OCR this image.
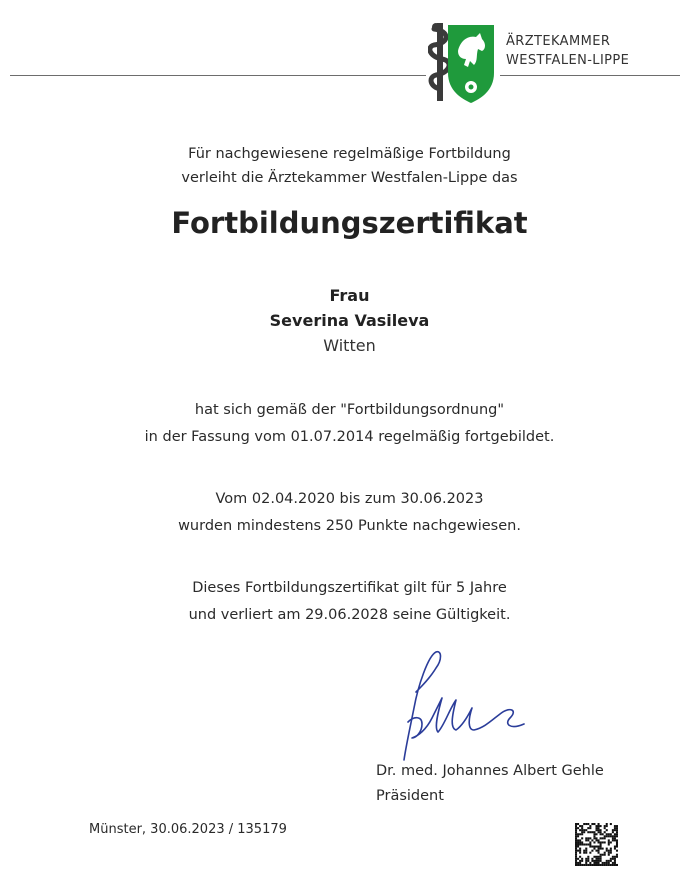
ÄRZTEKAMMER
WESTFALEN-LIPPE
Für nachgewiesene regelmäßige Fortbildung
verleiht die Ärztekammer Westfalen-Lippe das
Fortbildungszertifikat
Frau
Severina Vasileva
Witten
hat sich gemäß der "Fortbildungsordnung"
in der Fassung vom 01.07.2014 regelmäßig fortgebildet.
Vom 02.04.2020 bis zum 30.06.2023
wurden mindestens 250 Punkte nachgewiesen.
Dieses Fortbildungszertifikat gilt für 5 Jahre
und verliert am 29.06.2028 seine Gültigkeit.
Dr. med. Johannes Albert Gehle
Präsident
Münster, 30.06.2023 / 135179
